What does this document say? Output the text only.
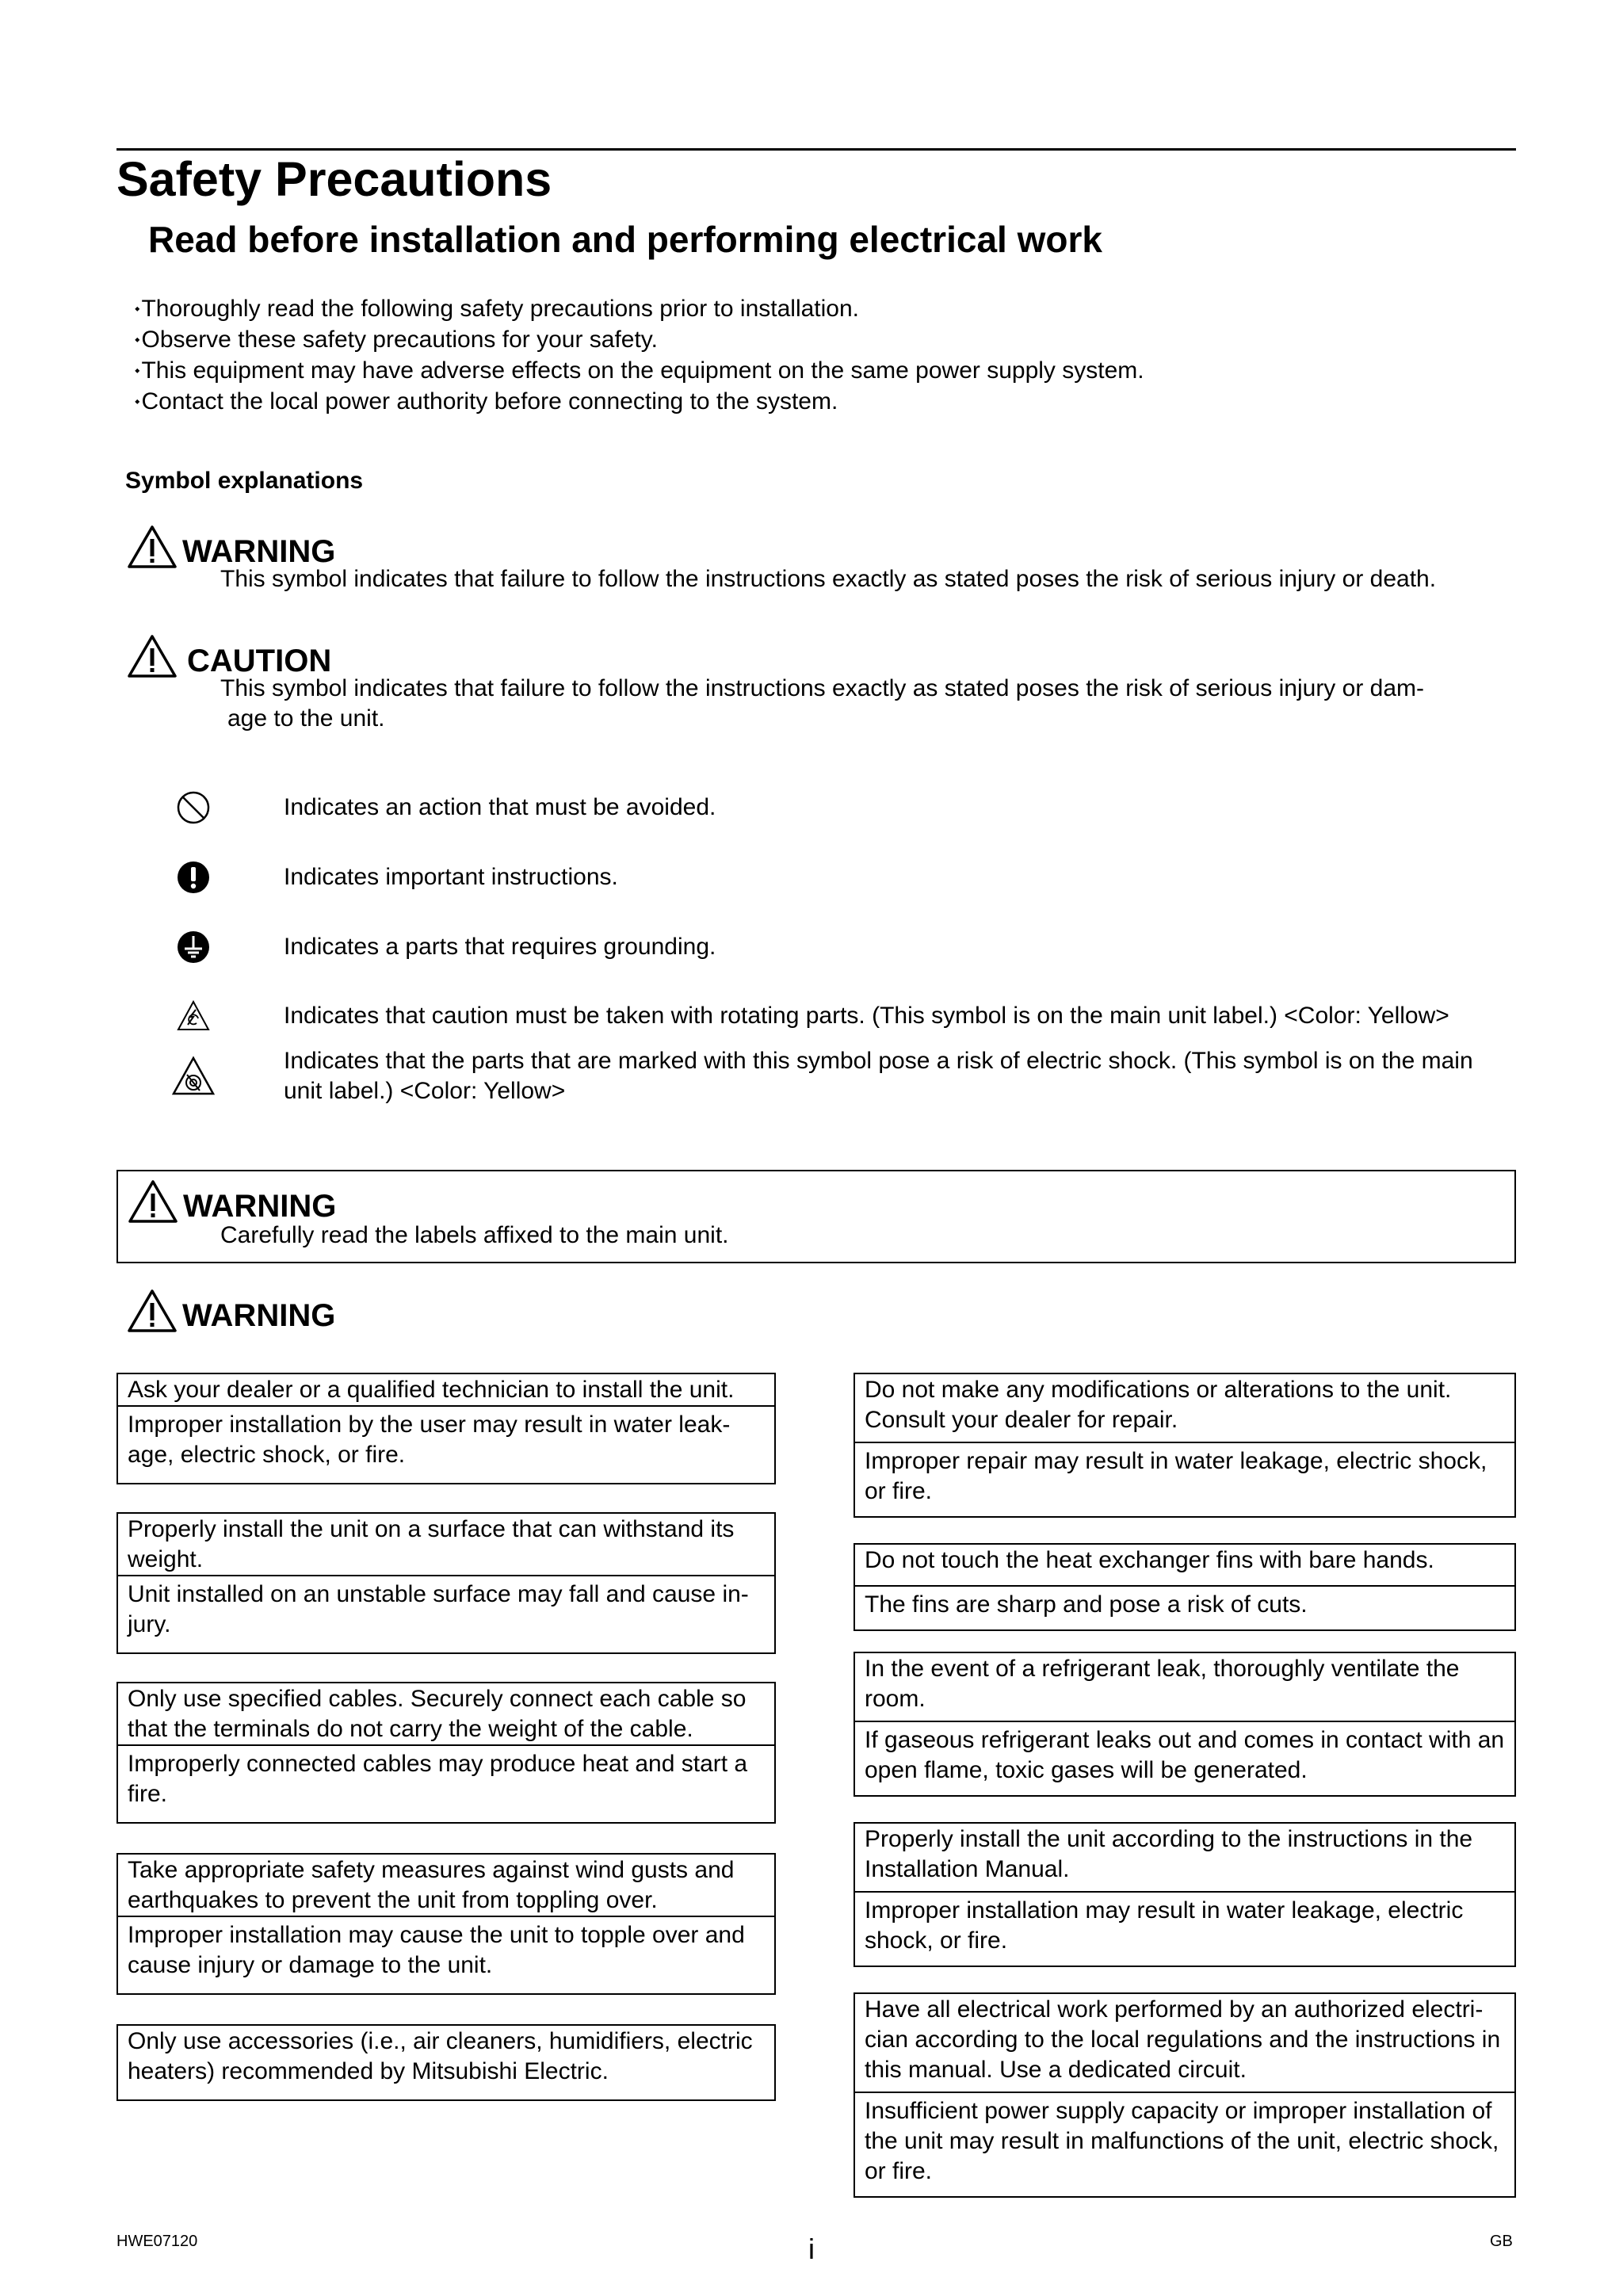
Safety Precautions
Read before installation and performing electrical work
⬩Thoroughly read the following safety precautions prior to installation.
⬩Observe these safety precautions for your safety.
⬩This equipment may have adverse effects on the equipment on the same power supply system.
⬩Contact the local power authority before connecting to the system.
Symbol explanations
WARNING
This symbol indicates that failure to follow the instructions exactly as stated poses the risk of serious injury or death.
CAUTION
This symbol indicates that failure to follow the instructions exactly as stated poses the risk of serious injury or dam-
age to the unit.
Indicates an action that must be avoided.
Indicates important instructions.
Indicates a parts that requires grounding.
Indicates that caution must be taken with rotating parts. (This symbol is on the main unit label.) <Color: Yellow>
Indicates that the parts that are marked with this symbol pose a risk of electric shock. (This symbol is on the main unit label.) <Color: Yellow>
WARNING
Carefully read the labels affixed to the main unit.
WARNING
Ask your dealer or a qualified technician to install the unit.
Improper installation by the user may result in water leak-age, electric shock, or fire.
Properly install the unit on a surface that can withstand its weight.
Unit installed on an unstable surface may fall and cause in-jury.
Only use specified cables. Securely connect each cable so that the terminals do not carry the weight of the cable.
Improperly connected cables may produce heat and start a fire.
Take appropriate safety measures against wind gusts and earthquakes to prevent the unit from toppling over.
Improper installation may cause the unit to topple over and cause injury or damage to the unit.
Only use accessories (i.e., air cleaners, humidifiers, electric heaters) recommended by Mitsubishi Electric.
Do not make any modifications or alterations to the unit. Consult your dealer for repair.
Improper repair may result in water leakage, electric shock, or fire.
Do not touch the heat exchanger fins with bare hands.
The fins are sharp and pose a risk of cuts.
In the event of a refrigerant leak, thoroughly ventilate the room.
If gaseous refrigerant leaks out and comes in contact with an open flame, toxic gases will be generated.
Properly install the unit according to the instructions in the Installation Manual.
Improper installation may result in water leakage, electric shock, or fire.
Have all electrical work performed by an authorized electri-cian according to the local regulations and the instructions in this manual. Use a dedicated circuit.
Insufficient power supply capacity or improper installation of the unit may result in malfunctions of the unit, electric shock, or fire.
HWE07120	i	GB
